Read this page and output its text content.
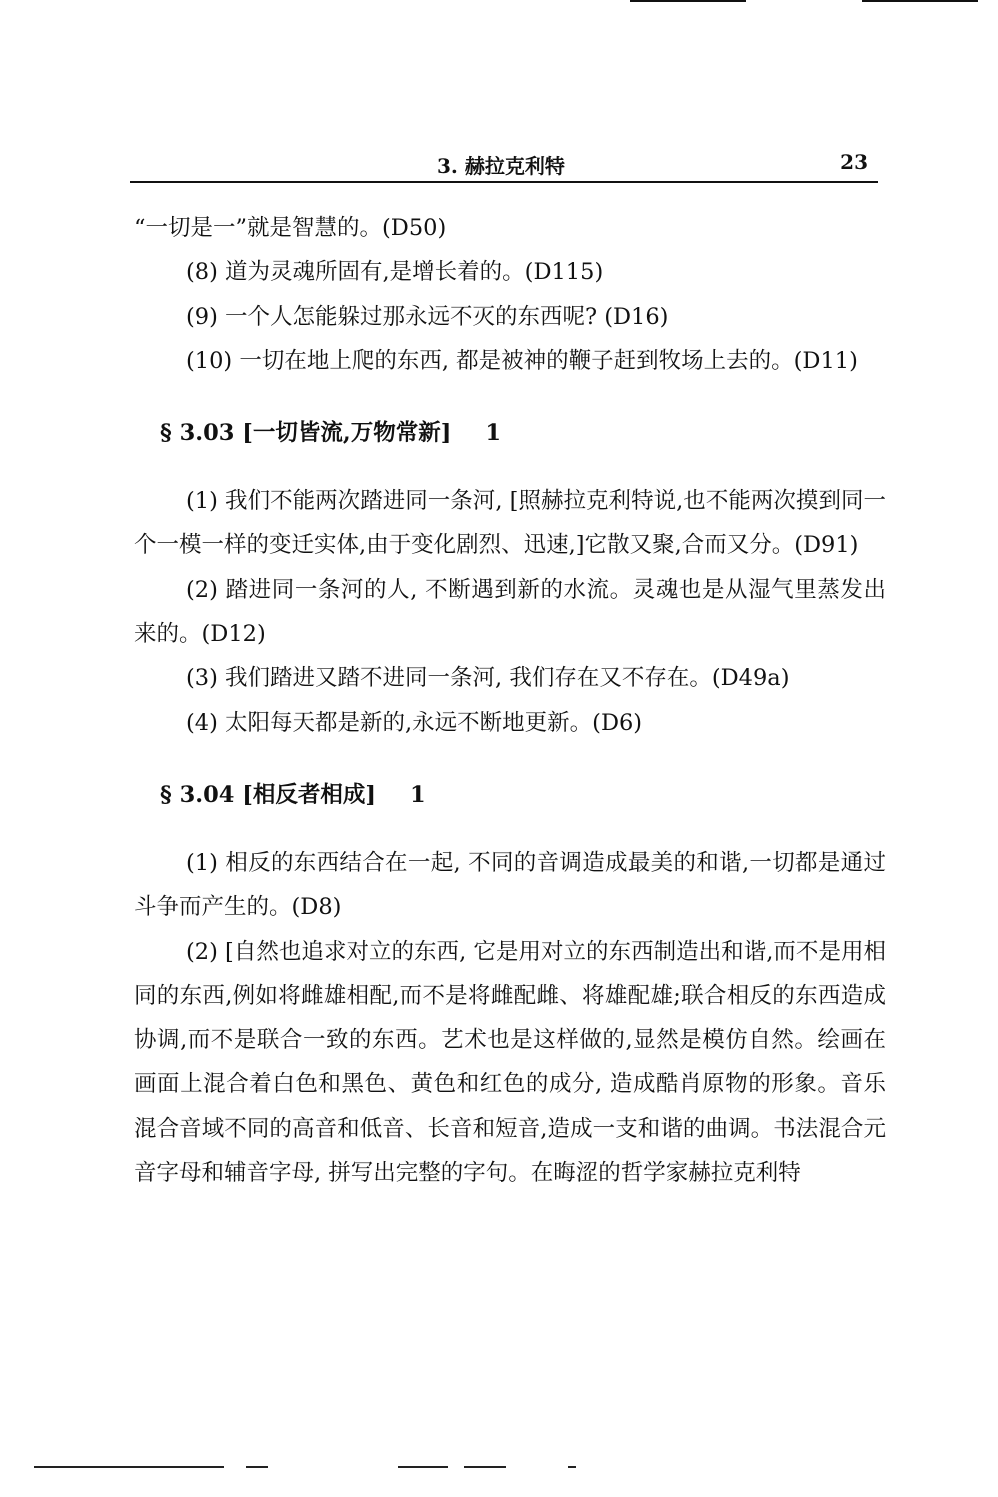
3. 赫拉克利特	23

“一切是一”就是智慧的。(D50)

(8) 道为灵魂所固有,是增长着的。(D115)

(9) 一个人怎能躲过那永远不灭的东西呢? (D16)

(10) 一切在地上爬的东西, 都是被神的鞭子赶到牧场上去的。(D11)

§ 3.03 [一切皆流,万物常新] 1

(1) 我们不能两次踏进同一条河, [照赫拉克利特说,也不能两次摸到同一个一模一样的变迁实体,由于变化剧烈、迅速,]它散又聚,合而又分。(D91)

(2) 踏进同一条河的人, 不断遇到新的水流。灵魂也是从湿气里蒸发出来的。(D12)

(3) 我们踏进又踏不进同一条河, 我们存在又不存在。(D49a)

(4) 太阳每天都是新的,永远不断地更新。(D6)

§ 3.04 [相反者相成] 1

(1) 相反的东西结合在一起, 不同的音调造成最美的和谐,一切都是通过斗争而产生的。(D8)

(2) [自然也追求对立的东西, 它是用对立的东西制造出和谐,而不是用相同的东西,例如将雌雄相配,而不是将雌配雌、将雄配雄;联合相反的东西造成协调,而不是联合一致的东西。艺术也是这样做的,显然是模仿自然。绘画在画面上混合着白色和黑色、黄色和红色的成分, 造成酷肖原物的形象。音乐混合音域不同的高音和低音、长音和短音,造成一支和谐的曲调。书法混合元音字母和辅音字母, 拼写出完整的字句。在晦涩的哲学家赫拉克利特
